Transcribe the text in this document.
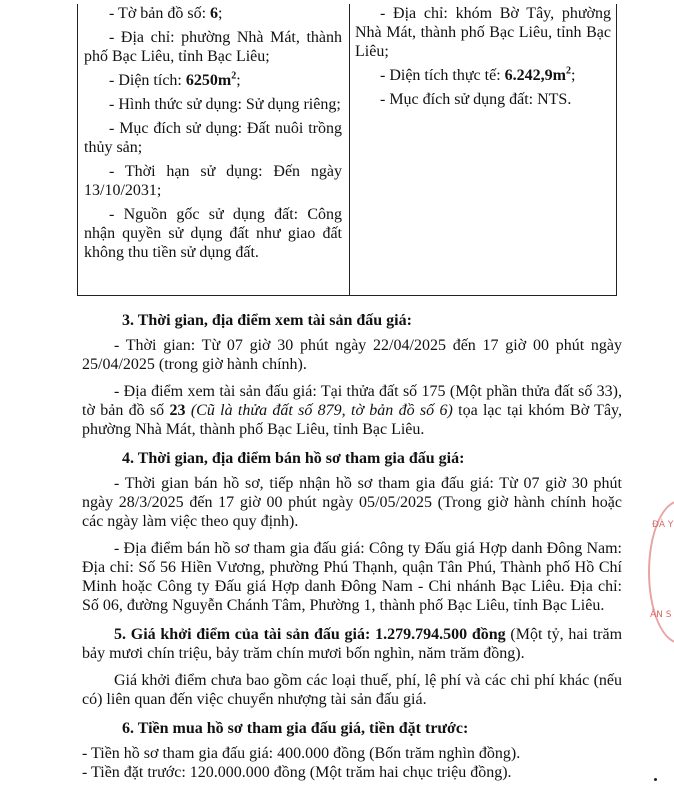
- Tờ bản đồ số: 6;

- Địa chỉ: phường Nhà Mát, thành phố Bạc Liêu, tỉnh Bạc Liêu;

- Diện tích: $6250m^2$;

- Hình thức sử dụng: Sử dụng riêng;

- Mục đích sử dụng: Đất nuôi trồng thủy sản;

- Thời hạn sử dụng: Đến ngày 13/10/2031;

- Nguồn gốc sử dụng đất: Công nhận quyền sử dụng đất như giao đất không thu tiền sử dụng đất.

- Địa chỉ: khóm Bờ Tây, phường Nhà Mát, thành phố Bạc Liêu, tỉnh Bạc Liêu;

- Diện tích thực tế: $6.242,9m^2$;

- Mục đích sử dụng đất: NTS.

3. Thời gian, địa điểm xem tài sản đấu giá:

- Thời gian: Từ 07 giờ 30 phút ngày 22/04/2025 đến 17 giờ 00 phút ngày 25/04/2025 (trong giờ hành chính).

- Địa điểm xem tài sản đấu giá: Tại thửa đất số 175 (Một phần thửa đất số 33), tờ bản đồ số 23 (Cũ là thửa đất số 879, tờ bản đồ số 6) tọa lạc tại khóm Bờ Tây, phường Nhà Mát, thành phố Bạc Liêu, tỉnh Bạc Liêu.

4. Thời gian, địa điểm bán hồ sơ tham gia đấu giá:

- Thời gian bán hồ sơ, tiếp nhận hồ sơ tham gia đấu giá: Từ 07 giờ 30 phút ngày 28/3/2025 đến 17 giờ 00 phút ngày 05/05/2025 (Trong giờ hành chính hoặc các ngày làm việc theo quy định).

- Địa điểm bán hồ sơ tham gia đấu giá: Công ty Đấu giá Hợp danh Đông Nam: Địa chỉ: Số 56 Hiền Vương, phường Phú Thạnh, quận Tân Phú, Thành phố Hồ Chí Minh hoặc Công ty Đấu giá Hợp danh Đông Nam - Chi nhánh Bạc Liêu. Địa chỉ: Số 06, đường Nguyễn Chánh Tâm, Phường 1, thành phố Bạc Liêu, tỉnh Bạc Liêu.

5. Giá khởi điểm của tài sản đấu giá: 1.279.794.500 đồng (Một tỷ, hai trăm bảy mươi chín triệu, bảy trăm chín mươi bốn nghìn, năm trăm đồng).

Giá khởi điểm chưa bao gồm các loại thuế, phí, lệ phí và các chi phí khác (nếu có) liên quan đến việc chuyển nhượng tài sản đấu giá.

6. Tiền mua hồ sơ tham gia đấu giá, tiền đặt trước:

- Tiền hồ sơ tham gia đấu giá: 400.000 đồng (Bốn trăm nghìn đồng).

- Tiền đặt trước: 120.000.000 đồng (Một trăm hai chục triệu đồng).

ĐÀ Y
ÂN S
